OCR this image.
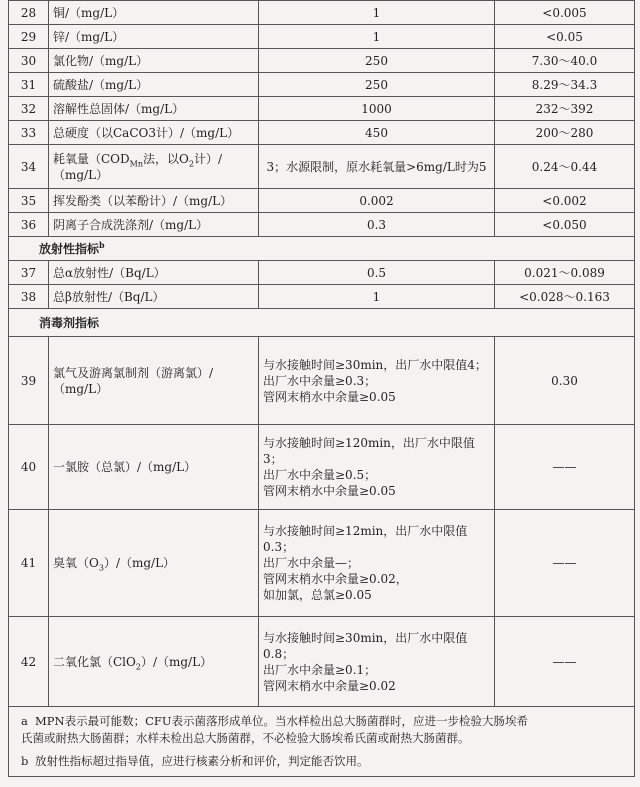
28	铜/（mg/L）	1	<0.005
29	锌/（mg/L）	1	<0.05
30	氯化物/（mg/L）	250	7.30～40.0
31	硫酸盐/（mg/L）	250	8.29～34.3
32	溶解性总固体/（mg/L）	1000	232～392
33	总硬度（以CaCO3计）/（mg/L）	450	200～280
34	耗氧量（$COD_{Mn}$法，以$O_2$计）/
（mg/L）	3；水源限制，原水耗氧量>6mg/L时为5	0.24～0.44
35	挥发酚类（以苯酚计）/（mg/L）	0.002	<0.002
36	阴离子合成洗涤剂/（mg/L）	0.3	<0.050
放射性指标$^b$
37	总α放射性/（Bq/L）	0.5	0.021～0.089
38	总β放射性/（Bq/L）	1	<0.028～0.163
消毒剂指标			
39	氯气及游离氯制剂（游离氯）/
（mg/L）	与水接触时间≥30min，出厂水中限值4；
出厂水中余量≥0.3；
管网末梢水中余量≥0.05	0.30
40	一氯胺（总氯）/（mg/L）	与水接触时间≥120min，出厂水中限值
3；
出厂水中余量≥0.5；
管网末梢水中余量≥0.05	——
41	臭氧$(O_3)/(mg/L)$	与水接触时间≥12min，出厂水中限值
0.3；
出厂水中余量—；
管网末梢水中余量≥0.02，
如加氯，总氯≥0.05	——
42	二氧化氯（ClO$_2$）/（mg/L）	与水接触时间≥30min，出厂水中限值
0.8；
出厂水中余量≥0.1；
管网末梢水中余量≥0.02	——

a MPN表示最可能数；CFU表示菌落形成单位。当水样检出总大肠菌群时，应进一步检验大肠埃希

氏菌或耐热大肠菌群；水样未检出总大肠菌群，不必检验大肠埃希氏菌或耐热大肠菌群。

b 放射性指标超过指导值，应进行核素分析和评价，判定能否饮用。			
